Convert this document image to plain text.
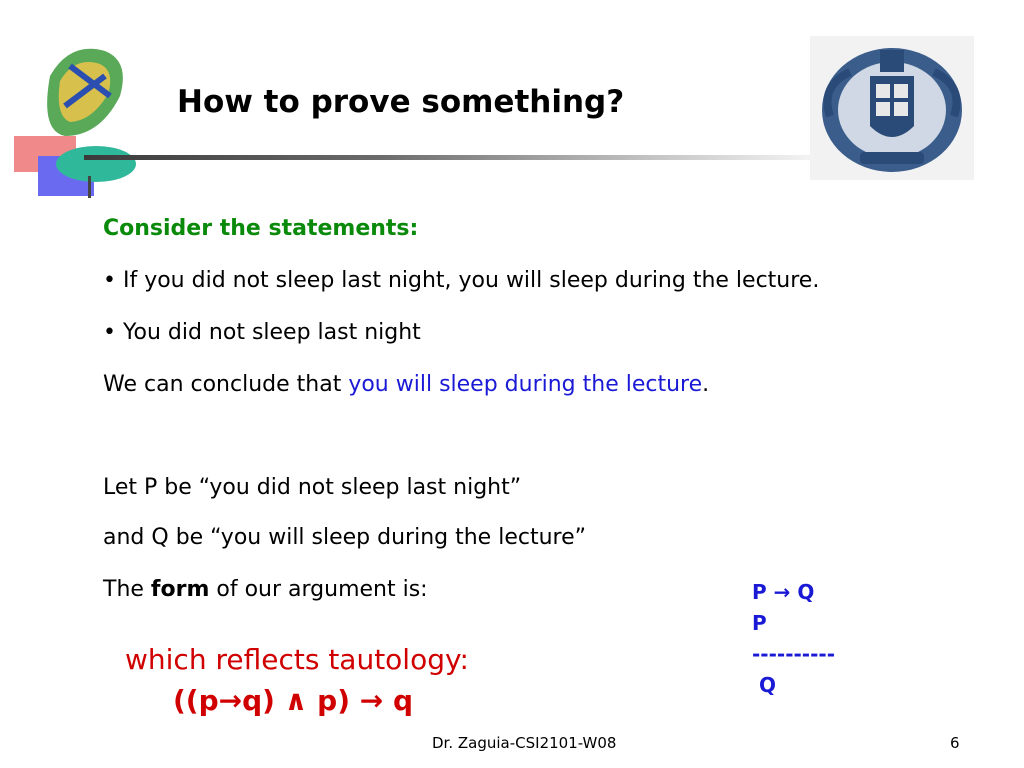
How to prove something?
Consider the statements:
• If you did not sleep last night, you will sleep during the lecture.
• You did not sleep last night
We can conclude that you will sleep during the lecture.
Let P be “you did not sleep last night”
and Q be “you will sleep during the lecture”
The form of our argument is:	P → Q
P
----------
Q
which reflects tautology:
((p→q) ∧ p) → q
Dr. Zaguia-CSI2101-W08	6
